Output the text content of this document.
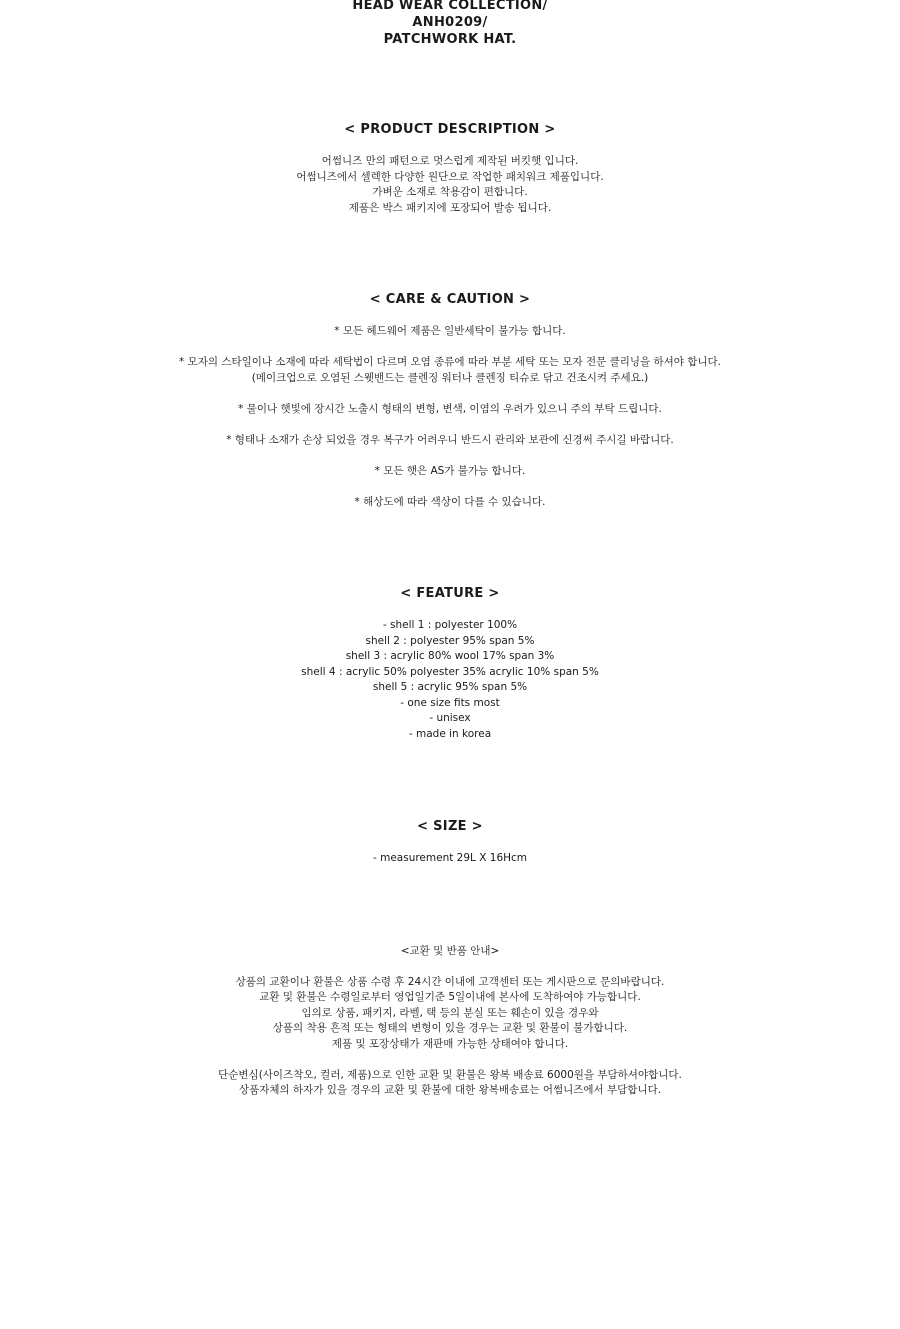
HEAD WEAR COLLECTION/

ANH0209/

PATCHWORK HAT.

< PRODUCT DESCRIPTION >

어썸니즈 만의 패턴으로 멋스럽게 제작된 버킷햇 입니다.

어썸니즈에서 셀렉한 다양한 원단으로 작업한 패치워크 제품입니다.

가벼운 소재로 착용감이 편합니다.

제품은 박스 패키지에 포장되어 발송 됩니다.

< CARE & CAUTION >

* 모든 헤드웨어 제품은 일반세탁이 불가능 합니다.

* 모자의 스타일이나 소재에 따라 세탁법이 다르며 오염 종류에 따라 부분 세탁 또는 모자 전문 클리닝을 하셔야 합니다.

(메이크업으로 오염된 스웻밴드는 클렌징 워터나 클렌징 티슈로 닦고 건조시켜 주세요.)

* 물이나 햇빛에 장시간 노출시 형태의 변형, 변색, 이염의 우려가 있으니 주의 부탁 드립니다.

* 형태나 소재가 손상 되었을 경우 복구가 어려우니 반드시 관리와 보관에 신경써 주시길 바랍니다.

* 모든 햇은 AS가 불가능 합니다.

* 해상도에 따라 색상이 다를 수 있습니다.

< FEATURE >

- shell 1 : polyester 100%

shell 2 : polyester 95% span 5%

shell 3 : acrylic 80% wool 17% span 3%

shell 4 : acrylic 50% polyester 35% acrylic 10% span 5%

shell 5 : acrylic 95% span 5%

- one size fits most

- unisex

- made in korea

< SIZE >

- measurement 29L X 16Hcm

<교환 및 반품 안내>

상품의 교환이나 환불은 상품 수령 후 24시간 이내에 고객센터 또는 게시판으로 문의바랍니다.

교환 및 환불은 수령일로부터 영업일기준 5일이내에 본사에 도착하여야 가능합니다.

임의로 상품, 패키지, 라벨, 택 등의 분실 또는 훼손이 있을 경우와

상품의 착용 흔적 또는 형태의 변형이 있을 경우는 교환 및 환불이 불가합니다.

제품 및 포장상태가 재판매 가능한 상태여야 합니다.

단순변심(사이즈착오, 컬러, 제품)으로 인한 교환 및 환불은 왕복 배송료 6000원을 부담하셔야합니다.

상품자체의 하자가 있을 경우의 교환 및 환불에 대한 왕복배송료는 어썸니즈에서 부담합니다.
